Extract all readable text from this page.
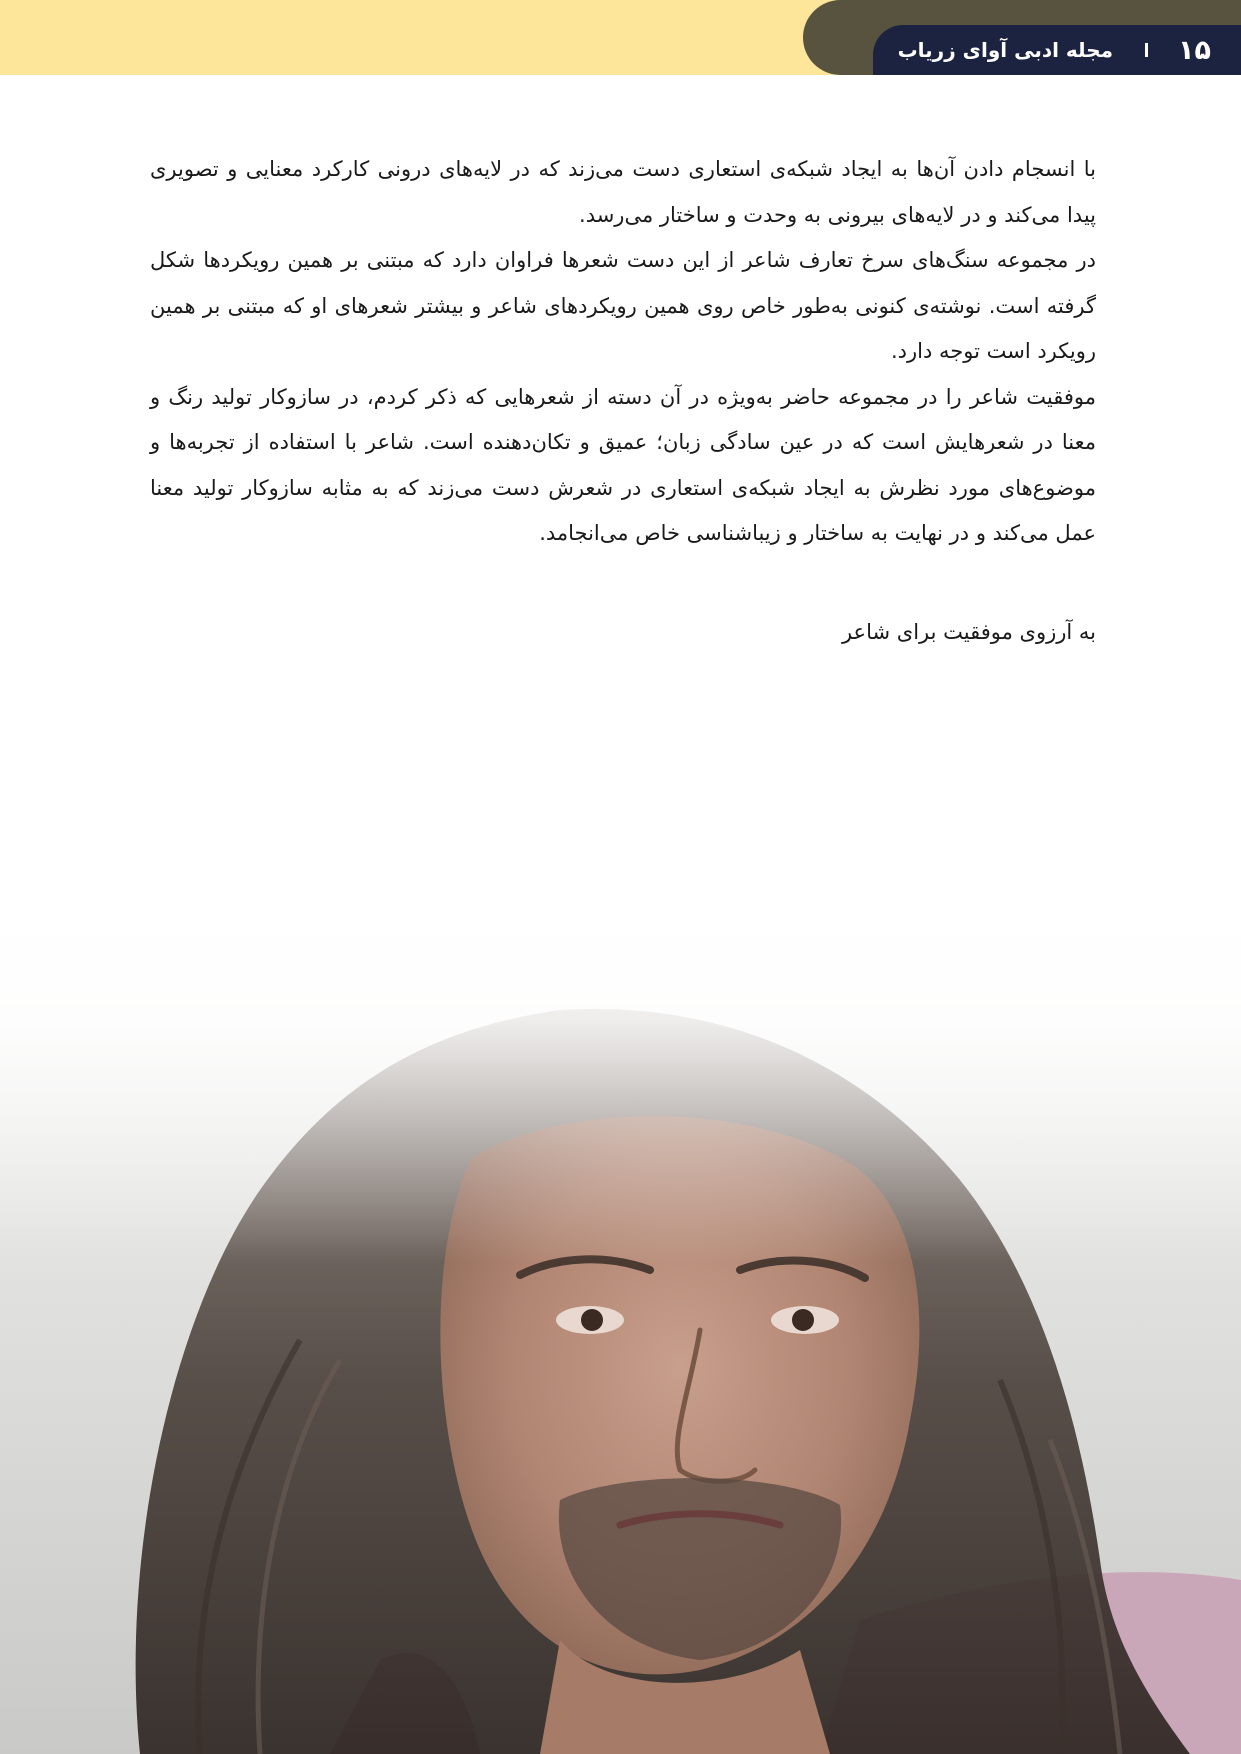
۱۵
مجله ادبی آوای زریاب

با انسجام دادن آن‌ها به ایجاد شبکه‌ی استعاری دست می‌زند که در لایه‌های درونی کارکرد معنایی و تصویری پیدا می‌کند و در لایه‌های بیرونی به وحدت و ساختار می‌رسد.

در مجموعه سنگ‌های سرخ تعارف شاعر از این دست شعرها فراوان دارد که مبتنی بر همین رویکردها شکل گرفته است. نوشته‌ی کنونی به‌طور خاص روی همین رویکردهای شاعر و بیشتر شعرهای او که مبتنی بر همین رویکرد است توجه دارد.

موفقیت شاعر را در مجموعه حاضر به‌ویژه در آن دسته از شعرهایی که ذکر کردم، در سازوکار تولید رنگ و معنا در شعرهایش است که در عین سادگی زبان؛ عمیق و تکان‌دهنده است. شاعر با استفاده از تجربه‌ها و موضوع‌های مورد نظرش به ایجاد شبکه‌ی استعاری در شعرش دست می‌زند که به مثابه سازوکار تولید معنا عمل می‌کند و در نهایت به ساختار و زیباشناسی خاص می‌انجامد.

به آرزوی موفقیت برای شاعر
